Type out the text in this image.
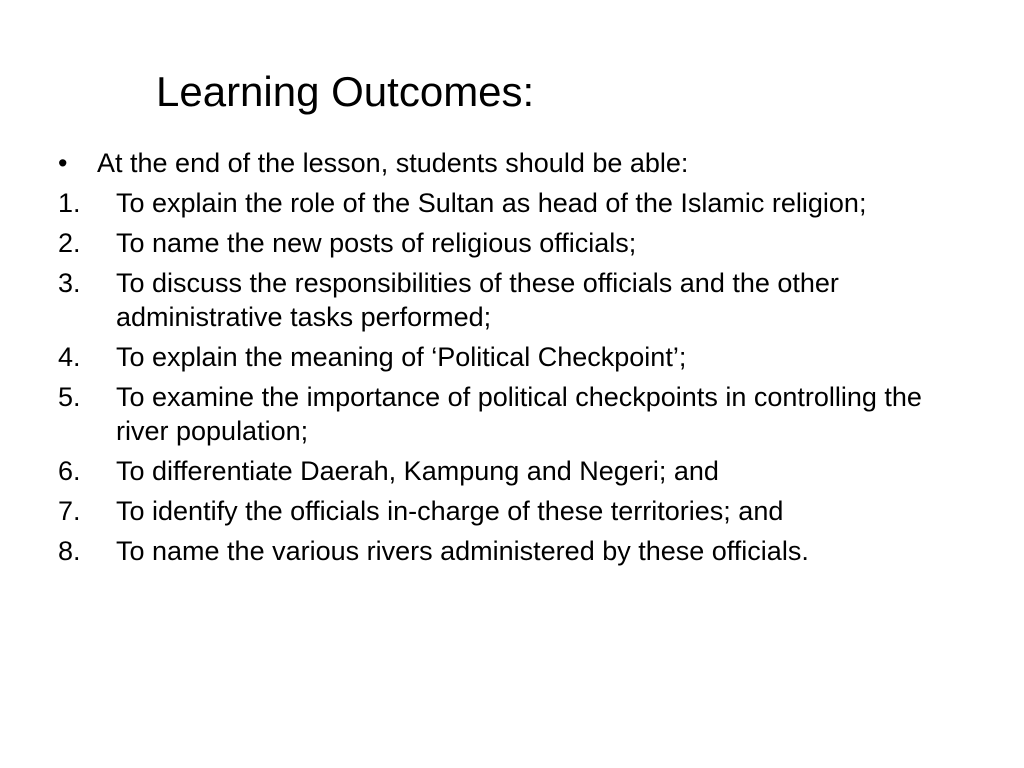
Learning Outcomes:
•	At the end of the lesson, students should be able:
1.	To explain the role of the Sultan as head of the Islamic religion;
2.	To name the new posts of religious officials;
3.	To discuss the responsibilities of these officials and the other administrative tasks performed;
4.	To explain the meaning of ‘Political Checkpoint’;
5.	To examine the importance of political checkpoints in controlling the river population;
6.	To differentiate Daerah, Kampung and Negeri; and
7.	To identify the officials in-charge of these territories; and
8.	To name the various rivers administered by these officials.
